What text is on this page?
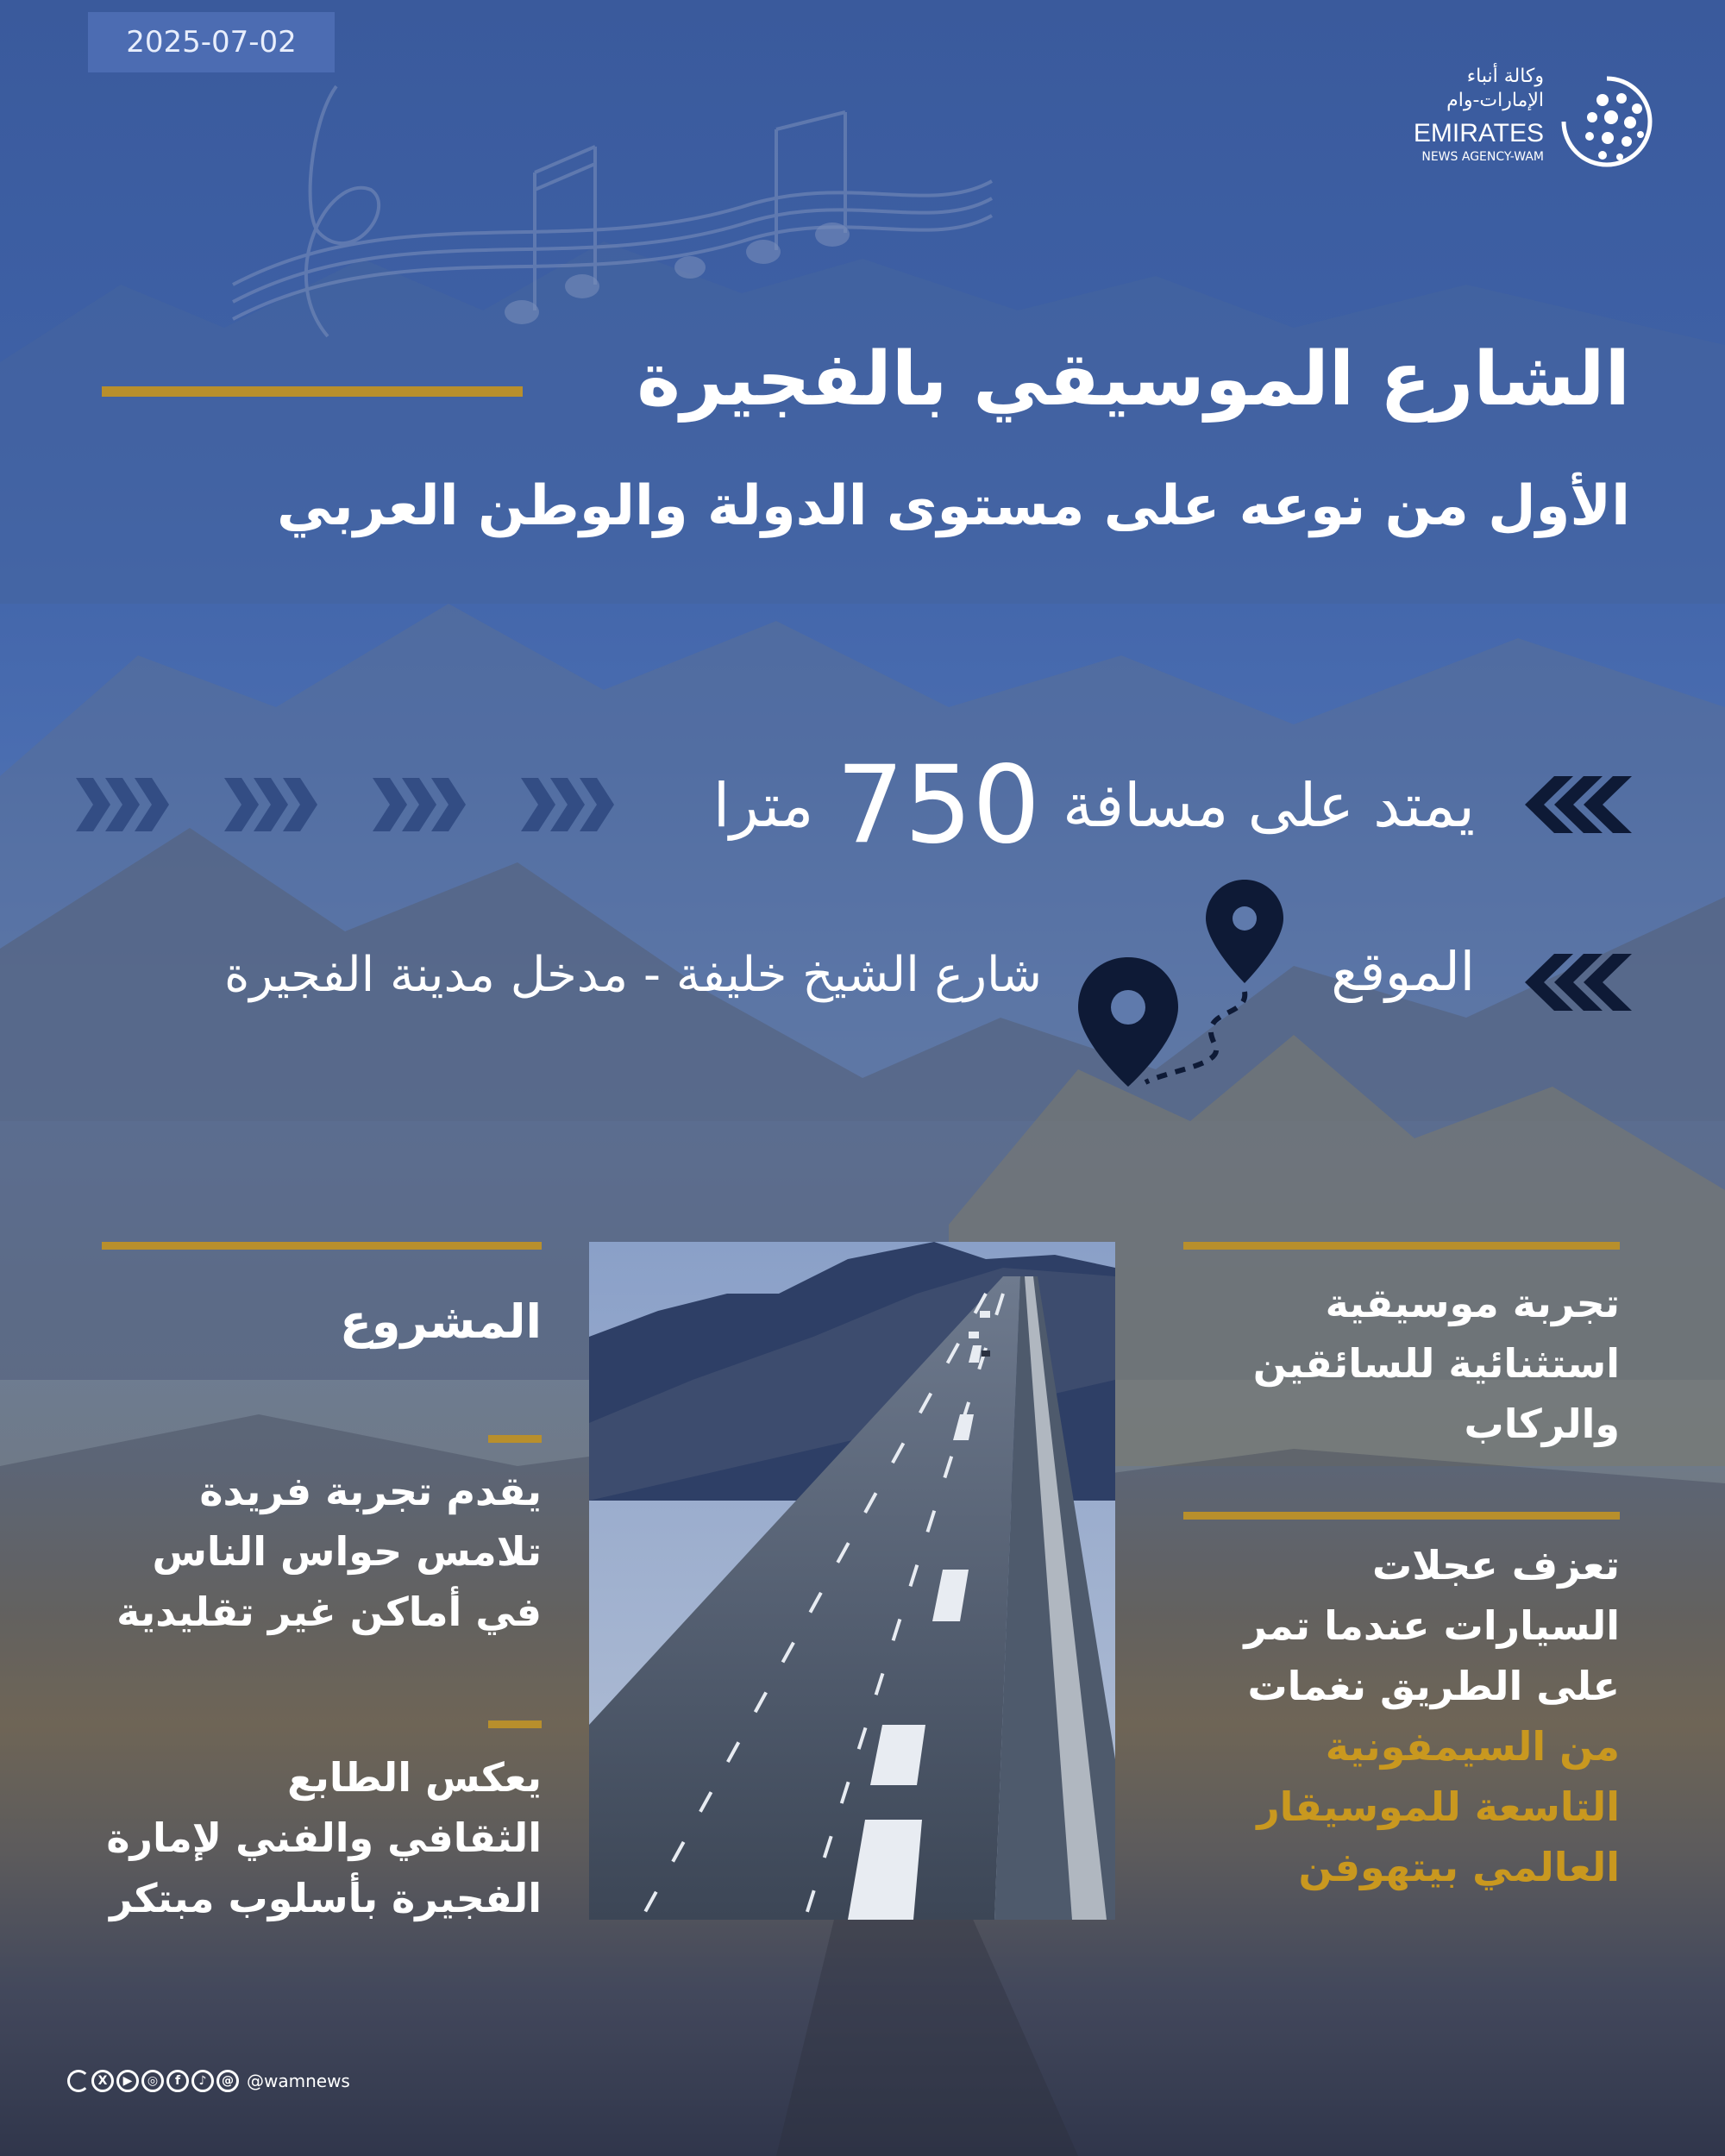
2025-07-02
وكالة أنباء
الإمارات-وام
EMIRATES
NEWS AGENCY-WAM
الشارع الموسيقي بالفجيرة
الأول من نوعه على مستوى الدولة والوطن العربي
يمتد على مسافة
750
مترا
الموقع
شارع الشيخ خليفة - مدخل مدينة الفجيرة
تجربة موسيقية
استثنائية للسائقين
والركاب
تعزف عجلات
السيارات عندما تمر
على الطريق نغمات
من السيمفونية
التاسعة للموسيقار
العالمي بيتهوفن
المشروع
يقدم تجربة فريدة
تلامس حواس الناس
في أماكن غير تقليدية
يعكس الطابع
الثقافي والفني لإمارة
الفجيرة بأسلوب مبتكر
X	▶	◎	f	♪	@ @wamnews
